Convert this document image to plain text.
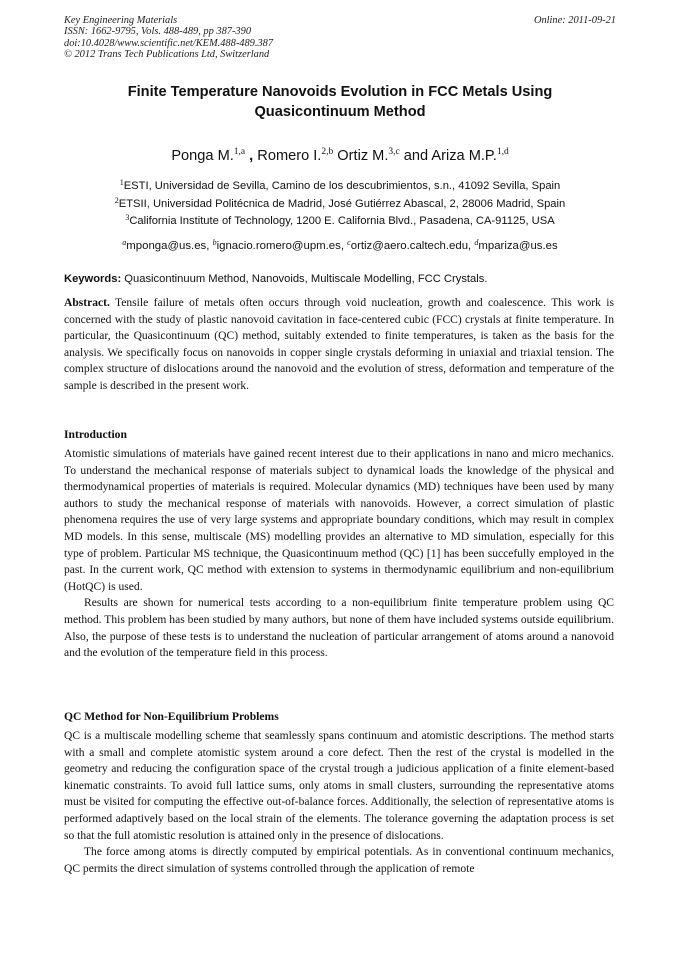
Key Engineering Materials
ISSN: 1662-9795, Vols. 488-489, pp 387-390
doi:10.4028/www.scientific.net/KEM.488-489.387
© 2012 Trans Tech Publications Ltd, Switzerland
Online: 2011-09-21
Finite Temperature Nanovoids Evolution in FCC Metals Using
Quasicontinuum Method
Ponga M.$^{1,a}$ , Romero I.$^{2,b}$ Ortiz M.$^{3,c}$ and Ariza M.P.$^{1,d}$
$^1$ESTI, Universidad de Sevilla, Camino de los descubrimientos, s.n., 41092 Sevilla, Spain
$^2$ETSII, Universidad Politécnica de Madrid, José Gutiérrez Abascal, 2, 28006 Madrid, Spain
$^3$California Institute of Technology, 1200 E. California Blvd., Pasadena, CA-91125, USA
$^a$mponga@us.es, $^b$ignacio.romero@upm.es, $^c$ortiz@aero.caltech.edu, $^d$mpariza@us.es
Keywords: Quasicontinuum Method, Nanovoids, Multiscale Modelling, FCC Crystals.
Abstract. Tensile failure of metals often occurs through void nucleation, growth and coalescence. This work is concerned with the study of plastic nanovoid cavitation in face-centered cubic (FCC) crystals at finite temperature. In particular, the Quasicontinuum (QC) method, suitably extended to finite temperatures, is taken as the basis for the analysis. We specifically focus on nanovoids in copper single crystals deforming in uniaxial and triaxial tension. The complex structure of dislocations around the nanovoid and the evolution of stress, deformation and temperature of the sample is described in the present work.
Introduction

Atomistic simulations of materials have gained recent interest due to their applications in nano and micro mechanics. To understand the mechanical response of materials subject to dynamical loads the knowledge of the physical and thermodynamical properties of materials is required. Molecular dynamics (MD) techniques have been used by many authors to study the mechanical response of materials with nanovoids. However, a correct simulation of plastic phenomena requires the use of very large systems and appropriate boundary conditions, which may result in complex MD models. In this sense, multiscale (MS) modelling provides an alternative to MD simulation, especially for this type of problem. Particular MS technique, the Quasicontinuum method (QC) [1] has been succefully employed in the past. In the current work, QC method with extension to systems in thermodynamic equilibrium and non-equilibrium (HotQC) is used.

Results are shown for numerical tests according to a non-equilibrium finite temperature problem using QC method. This problem has been studied by many authors, but none of them have included systems outside equilibrium. Also, the purpose of these tests is to understand the nucleation of particular arrangement of atoms around a nanovoid and the evolution of the temperature field in this process.

QC Method for Non-Equilibrium Problems

QC is a multiscale modelling scheme that seamlessly spans continuum and atomistic descriptions. The method starts with a small and complete atomistic system around a core defect. Then the rest of the crystal is modelled in the geometry and reducing the configuration space of the crystal trough a judicious application of a finite element-based kinematic constraints. To avoid full lattice sums, only atoms in small clusters, surrounding the representative atoms must be visited for computing the effective out-of-balance forces. Additionally, the selection of representative atoms is performed adaptively based on the local strain of the elements. The tolerance governing the adaptation process is set so that the full atomistic resolution is attained only in the presence of dislocations.

The force among atoms is directly computed by empirical potentials. As in conventional continuum mechanics, QC permits the direct simulation of systems controlled through the application of remote
